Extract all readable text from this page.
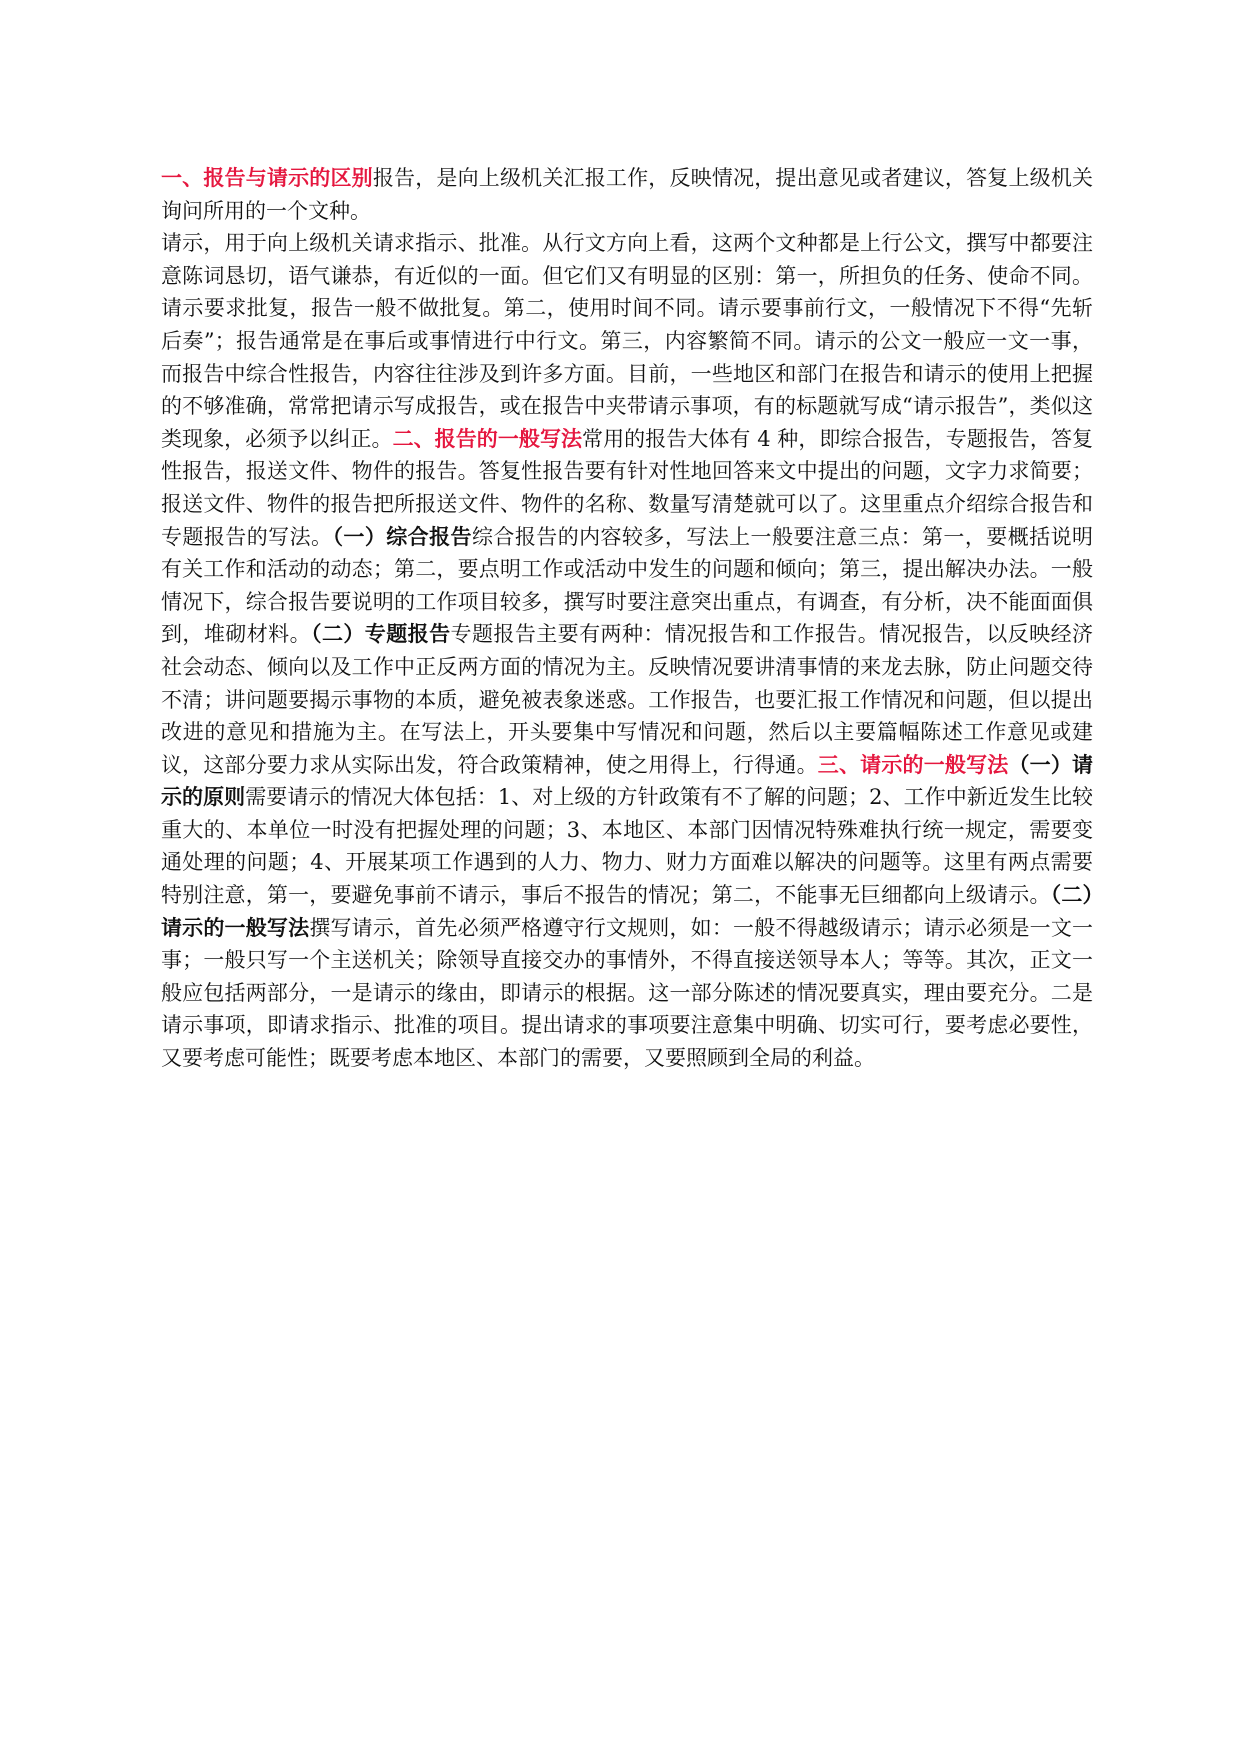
一、报告与请示的区别报告，是向上级机关汇报工作，反映情况，提出意见或者建议，答复上级机关询问所用的一个文种。

请示，用于向上级机关请求指示、批准。从行文方向上看，这两个文种都是上行公文，撰写中都要注意陈词恳切，语气谦恭，有近似的一面。但它们又有明显的区别：第一，所担负的任务、使命不同。请示要求批复，报告一般不做批复。第二，使用时间不同。请示要事前行文，一般情况下不得“先斩后奏”；报告通常是在事后或事情进行中行文。第三，内容繁简不同。请示的公文一般应一文一事，而报告中综合性报告，内容往往涉及到许多方面。目前，一些地区和部门在报告和请示的使用上把握的不够准确，常常把请示写成报告，或在报告中夹带请示事项，有的标题就写成“请示报告”，类似这类现象，必须予以纠正。二、报告的一般写法常用的报告大体有 4 种，即综合报告，专题报告，答复性报告，报送文件、物件的报告。答复性报告要有针对性地回答来文中提出的问题，文字力求简要；报送文件、物件的报告把所报送文件、物件的名称、数量写清楚就可以了。这里重点介绍综合报告和专题报告的写法。（一）综合报告综合报告的内容较多，写法上一般要注意三点：第一，要概括说明有关工作和活动的动态；第二，要点明工作或活动中发生的问题和倾向；第三，提出解决办法。一般情况下，综合报告要说明的工作项目较多，撰写时要注意突出重点，有调查，有分析，决不能面面俱到，堆砌材料。（二）专题报告专题报告主要有两种：情况报告和工作报告。情况报告，以反映经济社会动态、倾向以及工作中正反两方面的情况为主。反映情况要讲清事情的来龙去脉，防止问题交待不清；讲问题要揭示事物的本质，避免被表象迷惑。工作报告，也要汇报工作情况和问题，但以提出改进的意见和措施为主。在写法上，开头要集中写情况和问题，然后以主要篇幅陈述工作意见或建议，这部分要力求从实际出发，符合政策精神，使之用得上，行得通。三、请示的一般写法（一）请示的原则需要请示的情况大体包括：1、对上级的方针政策有不了解的问题；2、工作中新近发生比较重大的、本单位一时没有把握处理的问题；3、本地区、本部门因情况特殊难执行统一规定，需要变通处理的问题；4、开展某项工作遇到的人力、物力、财力方面难以解决的问题等。这里有两点需要特别注意，第一，要避免事前不请示，事后不报告的情况；第二，不能事无巨细都向上级请示。（二）请示的一般写法撰写请示，首先必须严格遵守行文规则，如：一般不得越级请示；请示必须是一文一事；一般只写一个主送机关；除领导直接交办的事情外，不得直接送领导本人；等等。其次，正文一般应包括两部分，一是请示的缘由，即请示的根据。这一部分陈述的情况要真实，理由要充分。二是请示事项，即请求指示、批准的项目。提出请求的事项要注意集中明确、切实可行，要考虑必要性，又要考虑可能性；既要考虑本地区、本部门的需要，又要照顾到全局的利益。
